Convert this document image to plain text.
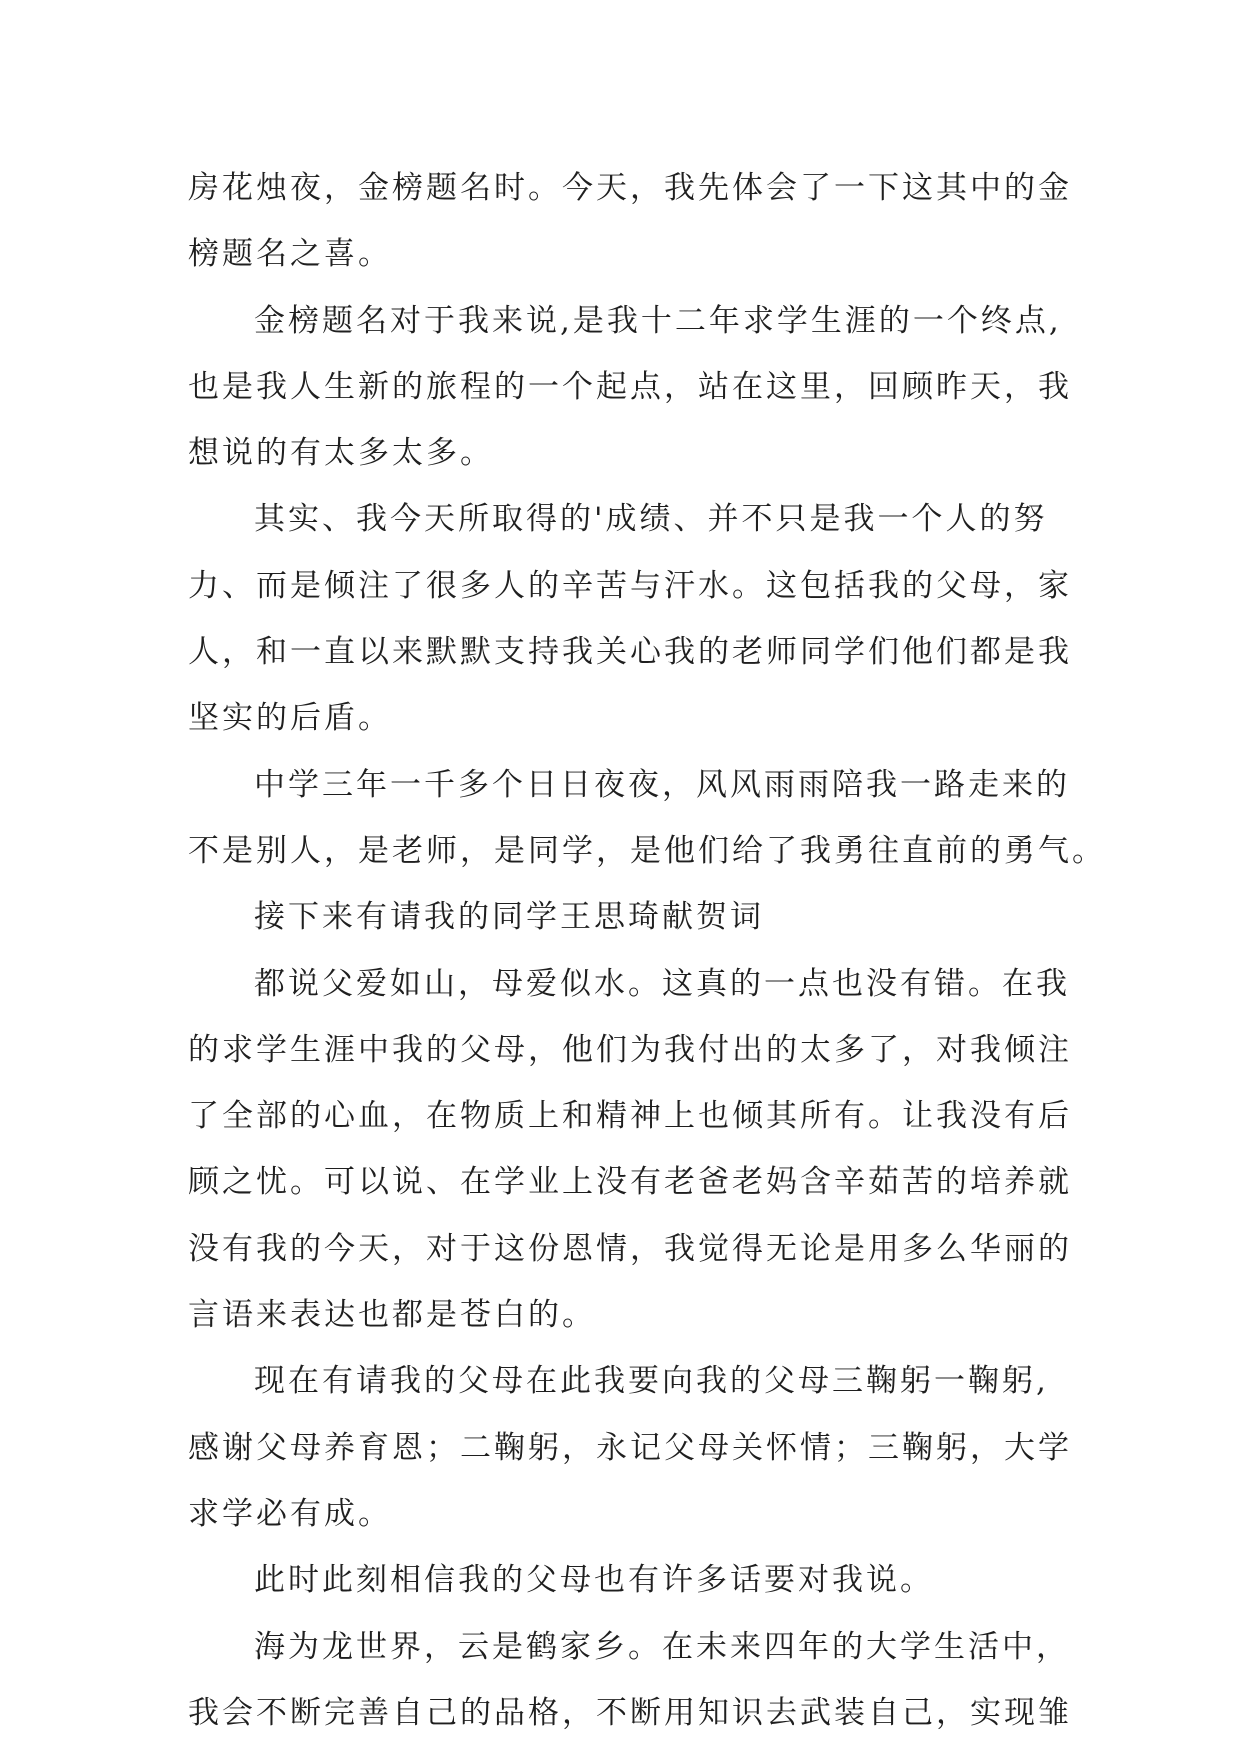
房花烛夜，金榜题名时。今天，我先体会了一下这其中的金
榜题名之喜。
金榜题名对于我来说,是我十二年求学生涯的一个终点,
也是我人生新的旅程的一个起点，站在这里，回顾昨天，我
想说的有太多太多。
其实、我今天所取得的'成绩、并不只是我一个人的努
力、而是倾注了很多人的辛苦与汗水。这包括我的父母，家
人，和一直以来默默支持我关心我的老师同学们他们都是我
坚实的后盾。
中学三年一千多个日日夜夜，风风雨雨陪我一路走来的
不是别人，是老师，是同学，是他们给了我勇往直前的勇气。
接下来有请我的同学王思琦献贺词
都说父爱如山，母爱似水。这真的一点也没有错。在我
的求学生涯中我的父母，他们为我付出的太多了，对我倾注
了全部的心血，在物质上和精神上也倾其所有。让我没有后
顾之忧。可以说、在学业上没有老爸老妈含辛茹苦的培养就
没有我的今天，对于这份恩情，我觉得无论是用多么华丽的
言语来表达也都是苍白的。
现在有请我的父母在此我要向我的父母三鞠躬一鞠躬,
感谢父母养育恩；二鞠躬，永记父母关怀情；三鞠躬，大学
求学必有成。
此时此刻相信我的父母也有许多话要对我说。
海为龙世界，云是鹤家乡。在未来四年的大学生活中，
我会不断完善自己的品格，不断用知识去武装自己，实现雏
